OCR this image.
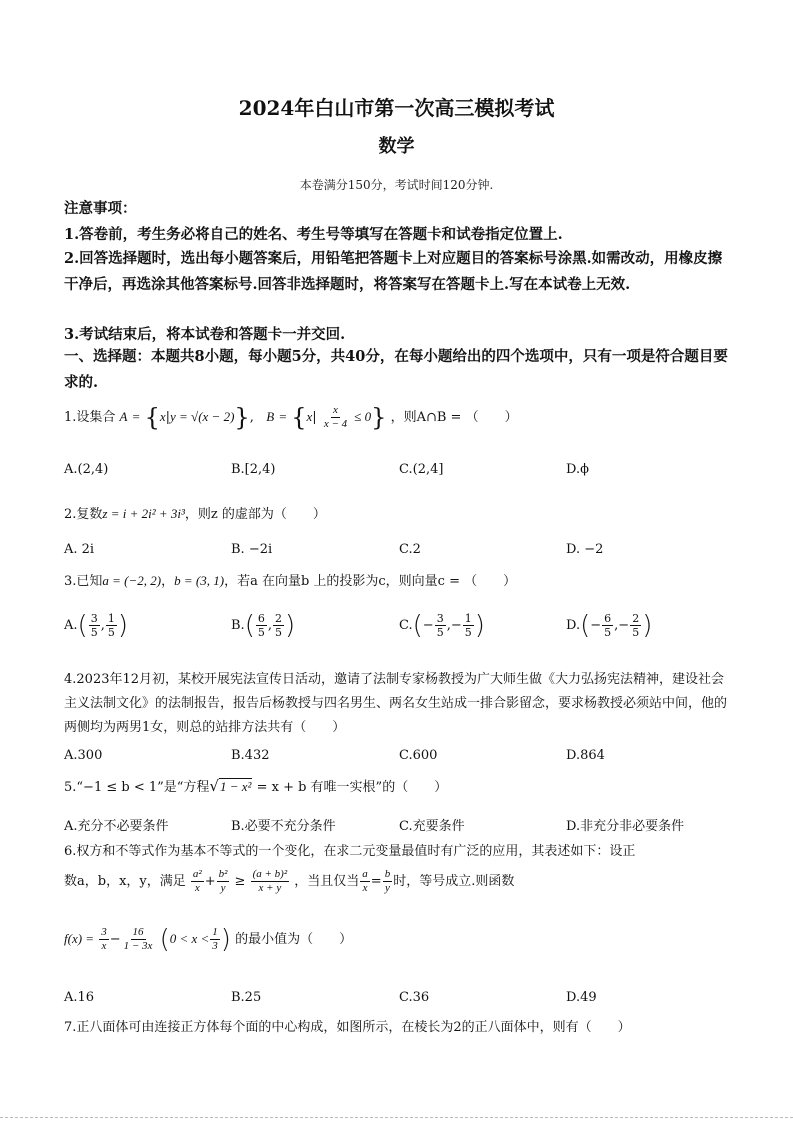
2024年白山市第一次高三模拟考试
数学
本卷满分150分，考试时间120分钟.
注意事项：
1.答卷前，考生务必将自己的姓名、考生号等填写在答题卡和试卷指定位置上.
2.回答选择题时，选出每小题答案后，用铅笔把答题卡上对应题目的答案标号涂黑.如需改动，用橡皮擦干净后，再选涂其他答案标号.回答非选择题时，将答案写在答题卡上.写在本试卷上无效.
3.考试结束后，将本试卷和答题卡一并交回.
一、选择题：本题共8小题，每小题5分，共40分，在每小题给出的四个选项中，只有一项是符合题目要求的.
1.设集合 A = {x|y = √(x − 2)},   $B = \{x| \frac{x}{x - 4} \le 0\}$ ，则A∩B = （　　）
A.(2,4)	B.[2,4)	C.(2,4]	D.ϕ
2.复数z = i + 2i² + 3i³，则z 的虚部为（　　）
A. 2i	B. −2i	C.2	D. −2
3.已知a = (−2, 2)，b = (3, 1)，若a 在向量b 上的投影为c，则向量c = （　　）
$A.( \frac{3}{5}$ , $\frac{1}{5}$ )	$B.( \frac{6}{5}$ , $\frac{2}{5}$ )	$C.(- \frac{3}{5}$ ,− $\frac{1}{5}$ )	$D.(- \frac{6}{5}$ ,− $\frac{2}{5}$ )
4.2023年12月初，某校开展宪法宣传日活动，邀请了法制专家杨教授为广大师生做《大力弘扬宪法精神，建设社会主义法制文化》的法制报告，报告后杨教授与四名男生、两名女生站成一排合影留念，要求杨教授必须站中间，他的两侧均为两男1女，则总的站排方法共有（　　）
A.300	B.432	C.600	D.864
5.“−1 ≤ b < 1”是“方程√1 − x² = x + b 有唯一实根”的（　　）
A.充分不必要条件	B.必要不充分条件	C.充要条件	D.非充分非必要条件
6.权方和不等式作为基本不等式的一个变化，在求二元变量最值时有广泛的应用，其表述如下：设正
数a，b，x，y，满足 $\frac{\text{a²}}{x} + \frac{\text{b²}}{y} \ge \frac{\text{(a + b)²}}{x + y}$ ，当且仅当 $\frac{a}{x} = \frac{b}{y}$ 时，等号成立.则函数
$f(x) = \frac{3}{x} - \frac{16}{1 - 3x} (0 < x < \frac{1}{3}$ ) 的最小值为（　　）
A.16	B.25	C.36	D.49
7.正八面体可由连接正方体每个面的中心构成，如图所示，在棱长为2的正八面体中，则有（　　）
